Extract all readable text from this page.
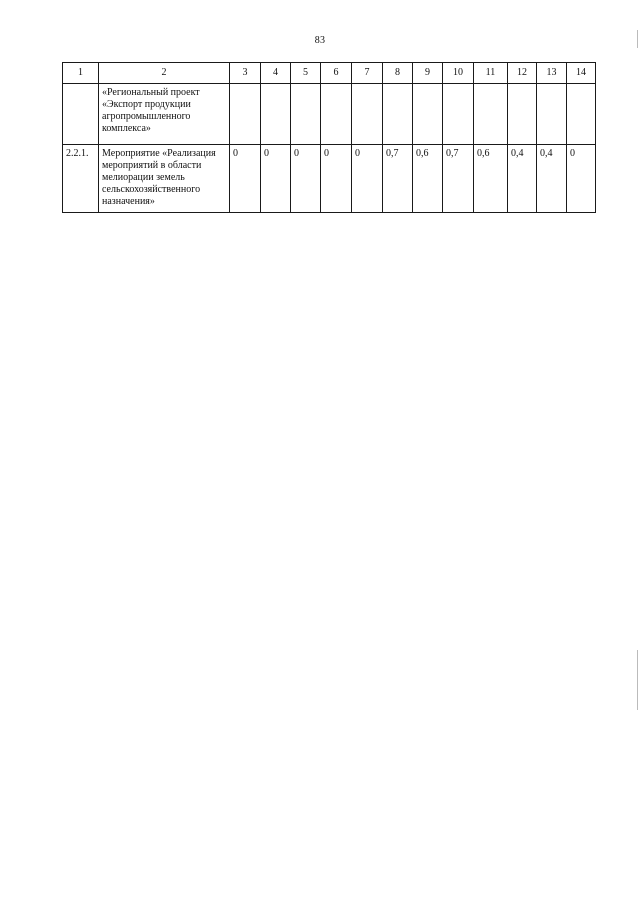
83
1	2	3	4	5	6	7	8	9	10	11	12	13	14
	«Региональный проект «Экспорт продукции агропромышленного комплекса»												
2.2.1.	Мероприятие «Реализация мероприятий в области мелиорации земель сельскохозяйственного назначения»	0	0	0	0	0	0,7	0,6	0,7	0,6	0,4	0,4	0
